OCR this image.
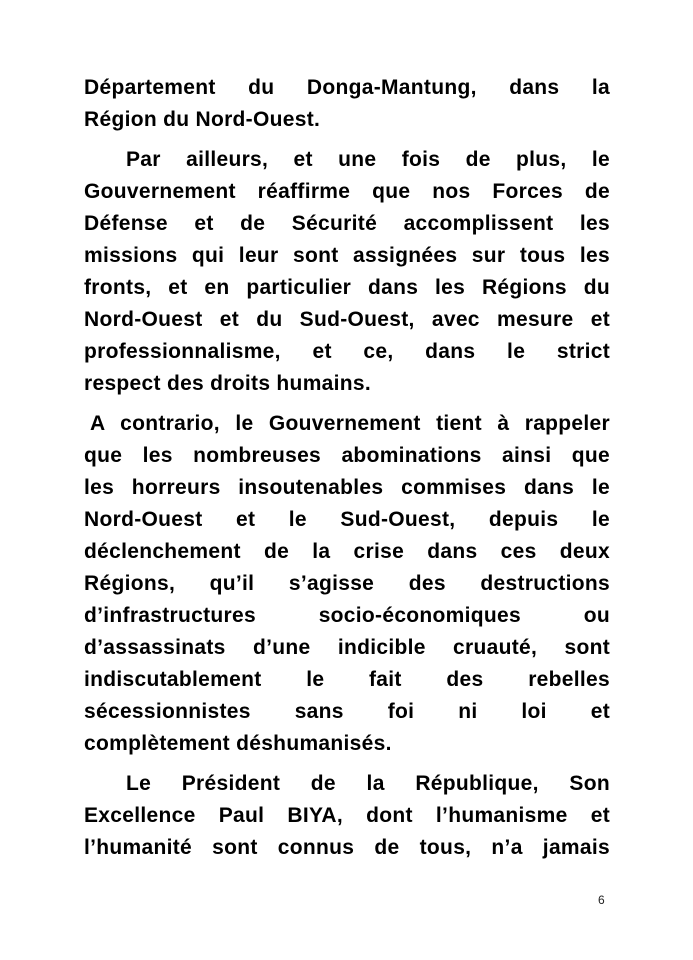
Département du Donga-Mantung, dans la
Région du Nord-Ouest.
Par ailleurs, et une fois de plus, le
Gouvernement réaffirme que nos Forces de
Défense et de Sécurité accomplissent les
missions qui leur sont assignées sur tous les
fronts, et en particulier dans les Régions du
Nord-Ouest et du Sud-Ouest, avec mesure et
professionnalisme, et ce, dans le strict
respect des droits humains.
A contrario, le Gouvernement tient à rappeler
que les nombreuses abominations ainsi que
les horreurs insoutenables commises dans le
Nord-Ouest et le Sud-Ouest, depuis le
déclenchement de la crise dans ces deux
Régions, qu’il s’agisse des destructions
d’infrastructures socio-économiques ou
d’assassinats d’une indicible cruauté, sont
indiscutablement le fait des rebelles
sécessionnistes sans foi ni loi et
complètement déshumanisés.
Le Président de la République, Son
Excellence Paul BIYA, dont l’humanisme et
l’humanité sont connus de tous, n’a jamais
6
